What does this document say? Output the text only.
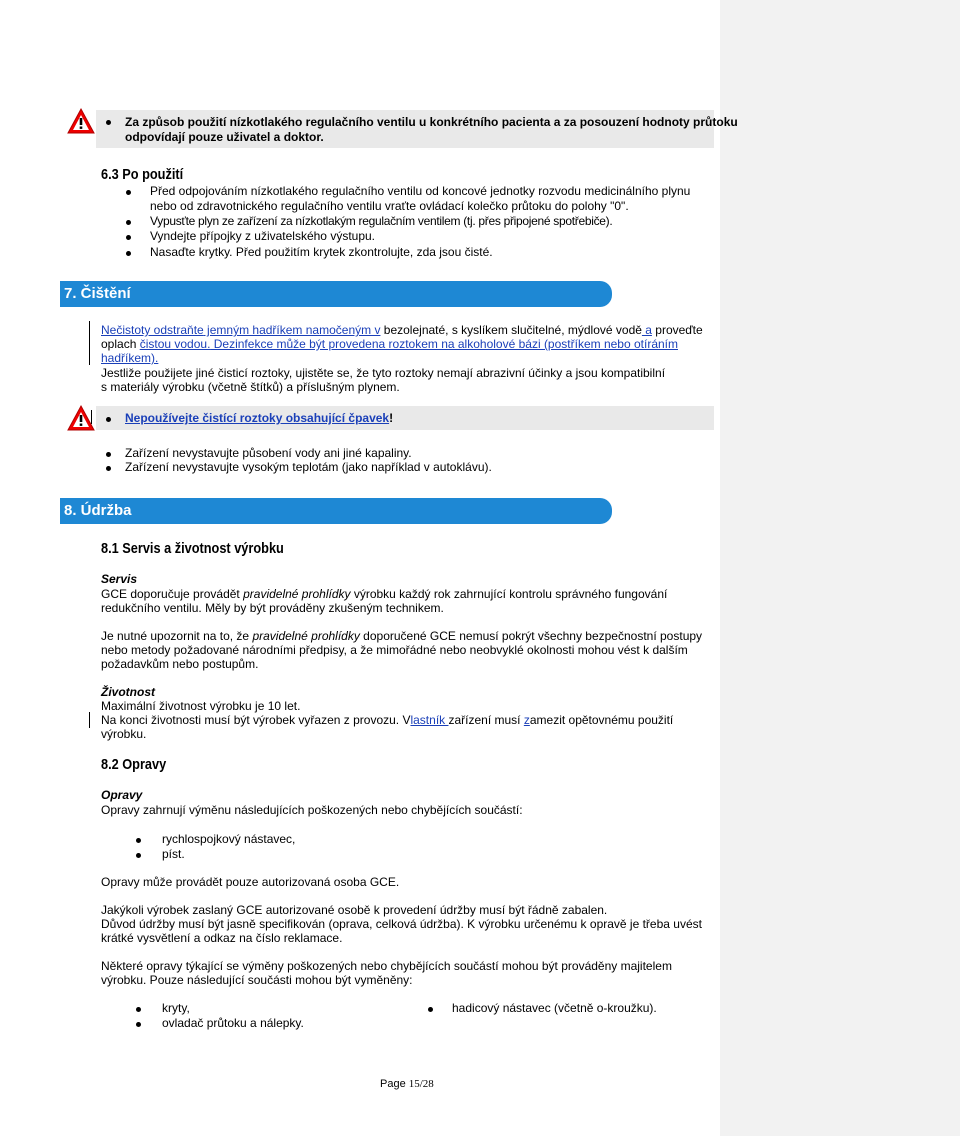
Za způsob použití nízkotlakého regulačního ventilu u konkrétního pacienta a za posouzení hodnoty průtoku
odpovídají pouze uživatel a doktor.
6.3 Po použití
Před odpojováním nízkotlakého regulačního ventilu od koncové jednotky rozvodu medicinálního plynu
nebo od zdravotnického regulačního ventilu vraťte ovládací kolečko průtoku do polohy "0".
Vypusťte plyn ze zařízení za nízkotlakým regulačním ventilem (tj. přes připojené spotřebiče).
Vyndejte přípojky z uživatelského výstupu.
Nasaďte krytky. Před použitím krytek zkontrolujte, zda jsou čisté.
7. Čištění
Nečistoty odstraňte jemným hadříkem namočeným v bezolejnaté, s kyslíkem slučitelné, mýdlové vodě a proveďte
oplach čistou vodou. Dezinfekce může být provedena roztokem na alkoholové bázi (postříkem nebo otíráním
hadříkem).
Jestliže použijete jiné čisticí roztoky, ujistěte se, že tyto roztoky nemají abrazivní účinky a jsou kompatibilní
s materiály výrobku (včetně štítků) a příslušným plynem.
Nepoužívejte čistící roztoky obsahující čpavek!
Zařízení nevystavujte působení vody ani jiné kapaliny.
Zařízení nevystavujte vysokým teplotám (jako například v autoklávu).
8. Údržba
8.1 Servis a životnost výrobku
Servis
GCE doporučuje provádět pravidelné prohlídky výrobku každý rok zahrnující kontrolu správného fungování
redukčního ventilu. Měly by být prováděny zkušeným technikem.
Je nutné upozornit na to, že pravidelné prohlídky doporučené GCE nemusí pokrýt všechny bezpečnostní postupy
nebo metody požadované národními předpisy, a že mimořádné nebo neobvyklé okolnosti mohou vést k dalším
požadavkům nebo postupům.
Životnost
Maximální životnost výrobku je 10 let.
Na konci životnosti musí být výrobek vyřazen z provozu. Vlastník zařízení musí zamezit opětovnému použití
výrobku.
8.2 Opravy
Opravy
Opravy zahrnují výměnu následujících poškozených nebo chybějících součástí:
rychlospojkový nástavec,
píst.
Opravy může provádět pouze autorizovaná osoba GCE.
Jakýkoli výrobek zaslaný GCE autorizované osobě k provedení údržby musí být řádně zabalen.
Důvod údržby musí být jasně specifikován (oprava, celková údržba). K výrobku určenému k opravě je třeba uvést
krátké vysvětlení a odkaz na číslo reklamace.
Některé opravy týkající se výměny poškozených nebo chybějících součástí mohou být prováděny majitelem
výrobku. Pouze následující součásti mohou být vyměněny:
kryty,
ovladač průtoku a nálepky.
hadicový nástavec (včetně o-kroužku).
Page 15/28
